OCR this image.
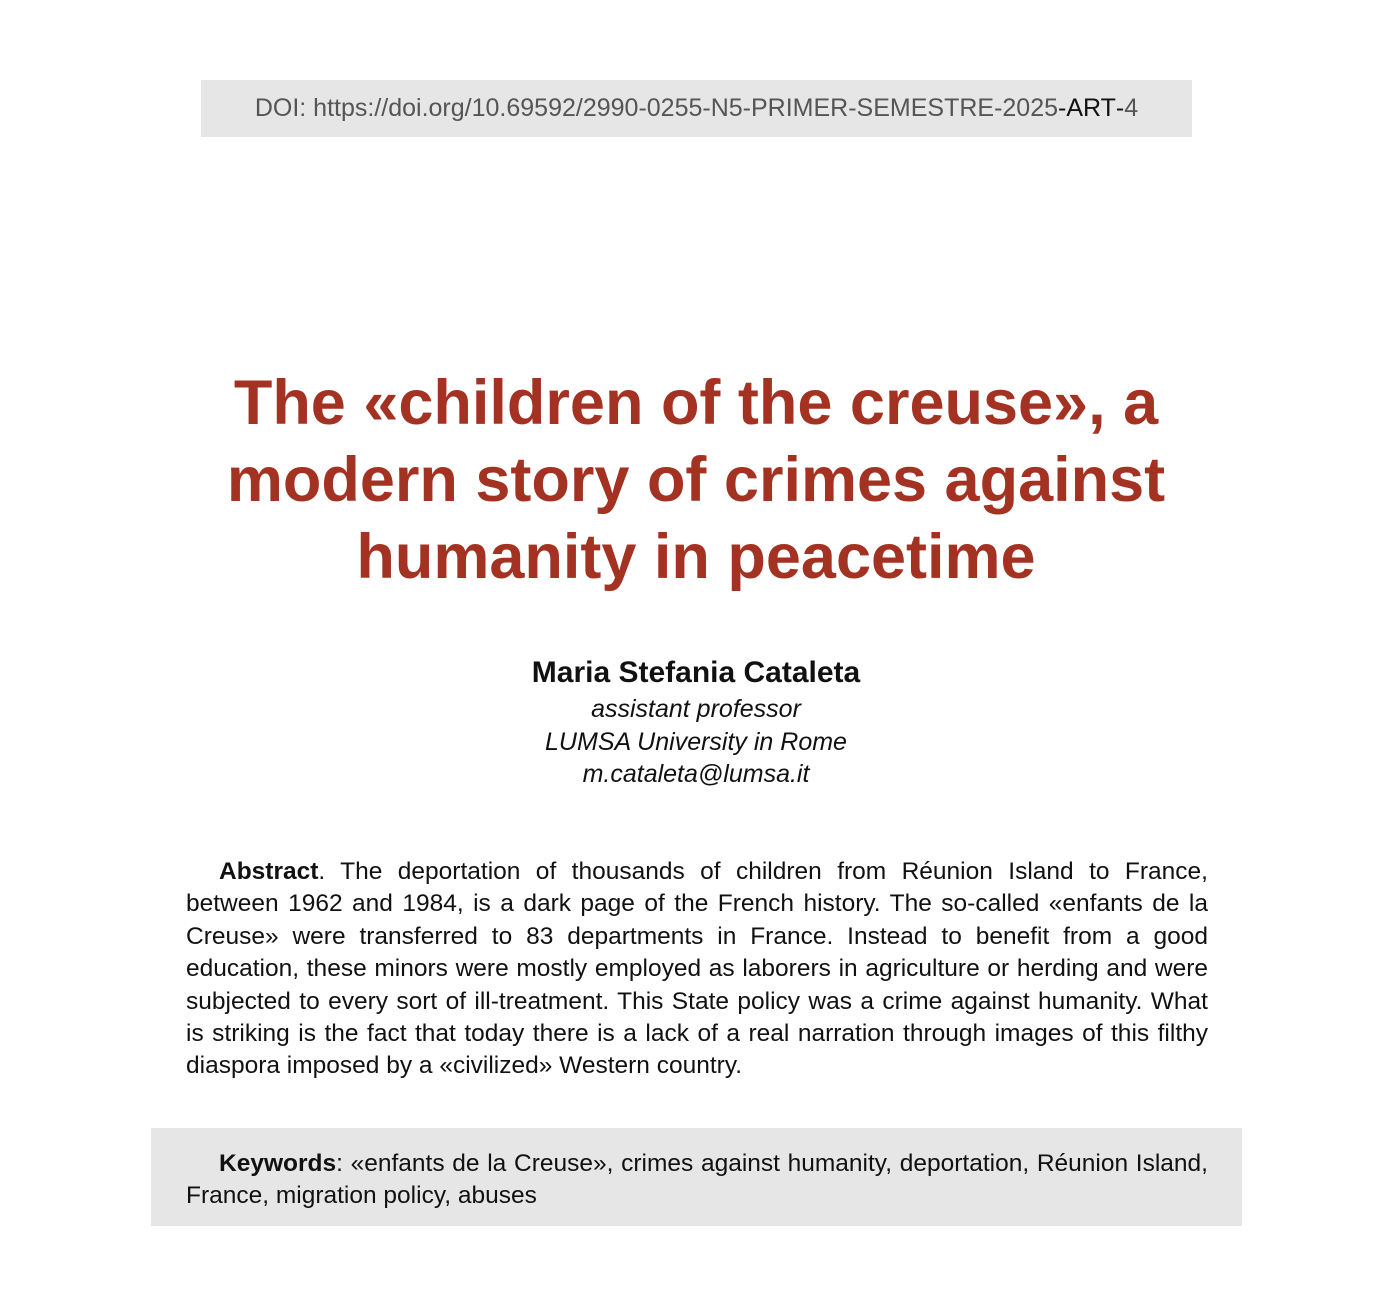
DOI: https://doi.org/10.69592/2990-0255-N5-PRIMER-SEMESTRE-2025 - ART - 4
The «children of the creuse», a
modern story of crimes against
humanity in peacetime
Maria Stefania Cataleta
assistant professor
LUMSA University in Rome
m.cataleta@lumsa.it

Abstract. The deportation of thousands of children from Réunion Island to France, between 1962 and 1984, is a dark page of the French history. The so-called «enfants de la Creuse» were transferred to 83 departments in France. Instead to benefit from a good education, these minors were mostly employed as laborers in agriculture or herding and were subjected to every sort of ill-treatment. This State policy was a crime against humanity. What is striking is the fact that today there is a lack of a real narration through images of this filthy diaspora imposed by a «civilized» Western country.

Keywords: «enfants de la Creuse», crimes against humanity, deportation, Réunion Island, France, migration policy, abuses
